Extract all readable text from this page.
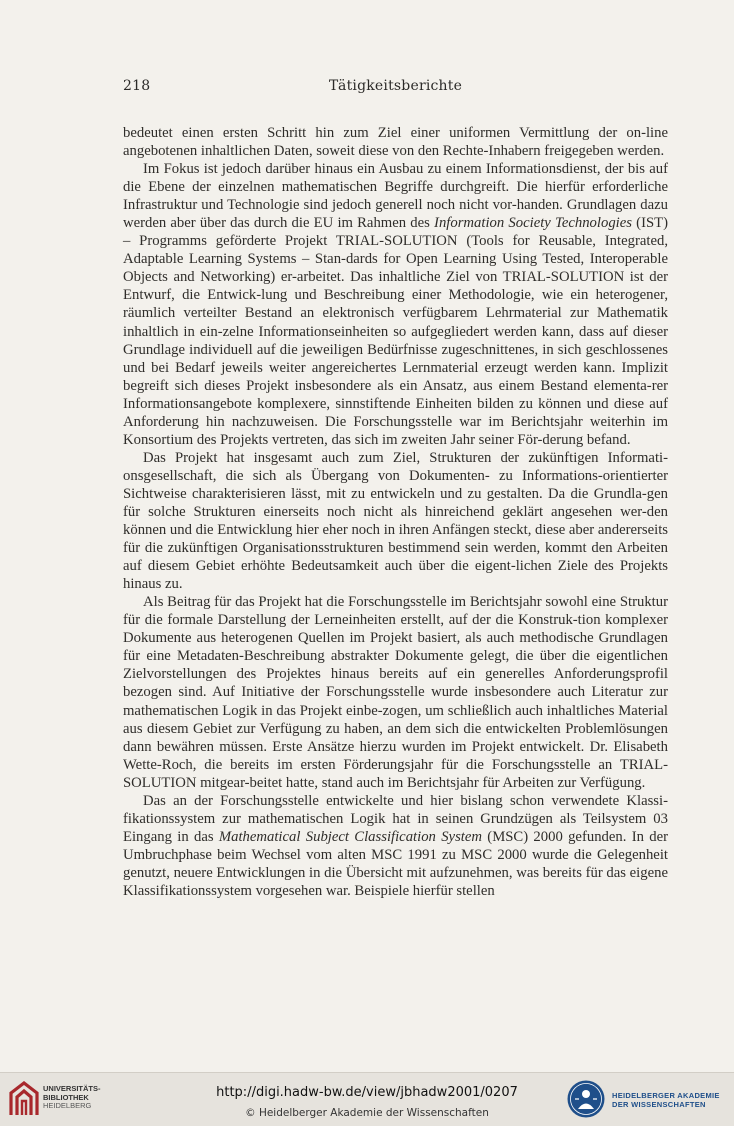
218	Tätigkeitsberichte

bedeutet einen ersten Schritt hin zum Ziel einer uniformen Vermittlung der on-line angebotenen inhaltlichen Daten, soweit diese von den Rechte-Inhabern freigegeben werden.

Im Fokus ist jedoch darüber hinaus ein Ausbau zu einem Informationsdienst, der bis auf die Ebene der einzelnen mathematischen Begriffe durchgreift. Die hierfür erforderliche Infrastruktur und Technologie sind jedoch generell noch nicht vor-handen. Grundlagen dazu werden aber über das durch die EU im Rahmen des Information Society Technologies (IST) – Programms geförderte Projekt TRIAL-SOLUTION (Tools for Reusable, Integrated, Adaptable Learning Systems – Stan-dards for Open Learning Using Tested, Interoperable Objects and Networking) er-arbeitet. Das inhaltliche Ziel von TRIAL-SOLUTION ist der Entwurf, die Entwick-lung und Beschreibung einer Methodologie, wie ein heterogener, räumlich verteilter Bestand an elektronisch verfügbarem Lehrmaterial zur Mathematik inhaltlich in ein-zelne Informationseinheiten so aufgegliedert werden kann, dass auf dieser Grundlage individuell auf die jeweiligen Bedürfnisse zugeschnittenes, in sich geschlossenes und bei Bedarf jeweils weiter angereichertes Lernmaterial erzeugt werden kann. Implizit begreift sich dieses Projekt insbesondere als ein Ansatz, aus einem Bestand elementa-rer Informationsangebote komplexere, sinnstiftende Einheiten bilden zu können und diese auf Anforderung hin nachzuweisen. Die Forschungsstelle war im Berichtsjahr weiterhin im Konsortium des Projekts vertreten, das sich im zweiten Jahr seiner För-derung befand.

Das Projekt hat insgesamt auch zum Ziel, Strukturen der zukünftigen Informati-onsgesellschaft, die sich als Übergang von Dokumenten- zu Informations-orientierter Sichtweise charakterisieren lässt, mit zu entwickeln und zu gestalten. Da die Grundla-gen für solche Strukturen einerseits noch nicht als hinreichend geklärt angesehen wer-den können und die Entwicklung hier eher noch in ihren Anfängen steckt, diese aber andererseits für die zukünftigen Organisationsstrukturen bestimmend sein werden, kommt den Arbeiten auf diesem Gebiet erhöhte Bedeutsamkeit auch über die eigent-lichen Ziele des Projekts hinaus zu.

Als Beitrag für das Projekt hat die Forschungsstelle im Berichtsjahr sowohl eine Struktur für die formale Darstellung der Lerneinheiten erstellt, auf der die Konstruk-tion komplexer Dokumente aus heterogenen Quellen im Projekt basiert, als auch methodische Grundlagen für eine Metadaten-Beschreibung abstrakter Dokumente gelegt, die über die eigentlichen Zielvorstellungen des Projektes hinaus bereits auf ein generelles Anforderungsprofil bezogen sind. Auf Initiative der Forschungsstelle wurde insbesondere auch Literatur zur mathematischen Logik in das Projekt einbe-zogen, um schließlich auch inhaltliches Material aus diesem Gebiet zur Verfügung zu haben, an dem sich die entwickelten Problemlösungen dann bewähren müssen. Erste Ansätze hierzu wurden im Projekt entwickelt. Dr. Elisabeth Wette-Roch, die bereits im ersten Förderungsjahr für die Forschungsstelle an TRIAL-SOLUTION mitgear-beitet hatte, stand auch im Berichtsjahr für Arbeiten zur Verfügung.

Das an der Forschungsstelle entwickelte und hier bislang schon verwendete Klassi-fikationssystem zur mathematischen Logik hat in seinen Grundzügen als Teilsystem 03 Eingang in das Mathematical Subject Classification System (MSC) 2000 gefunden. In der Umbruchphase beim Wechsel vom alten MSC 1991 zu MSC 2000 wurde die Gelegenheit genutzt, neuere Entwicklungen in die Übersicht mit aufzunehmen, was bereits für das eigene Klassifikationssystem vorgesehen war. Beispiele hierfür stellen

UNIVERSITÄTS-
BIBLIOTHEK
HEIDELBERG
http://digi.hadw-bw.de/view/jbhadw2001/0207
© Heidelberger Akademie der Wissenschaften
HEIDELBERGER AKADEMIE
DER WISSENSCHAFTEN
